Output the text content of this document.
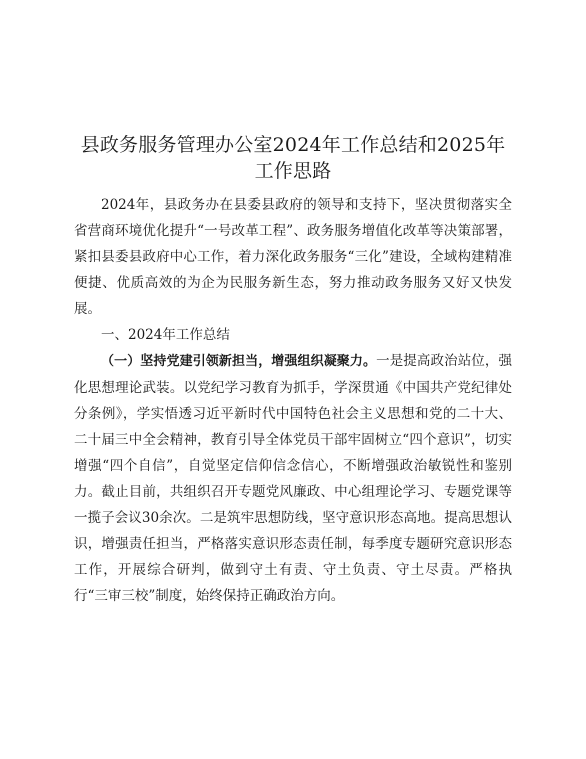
县政务服务管理办公室2024年工作总结和2025年工作思路

2024年，县政务办在县委县政府的领导和支持下，坚决贯彻落实全省营商环境优化提升“一号改革工程”、政务服务增值化改革等决策部署，紧扣县委县政府中心工作，着力深化政务服务“三化”建设，全域构建精准便捷、优质高效的为企为民服务新生态，努力推动政务服务又好又快发展。

一、2024年工作总结

（一）坚持党建引领新担当，增强组织凝聚力。一是提高政治站位，强化思想理论武装。以党纪学习教育为抓手，学深贯通《中国共产党纪律处分条例》，学实悟透习近平新时代中国特色社会主义思想和党的二十大、二十届三中全会精神，教育引导全体党员干部牢固树立“四个意识”，切实增强“四个自信”，自觉坚定信仰信念信心，不断增强政治敏锐性和鉴别力。截止目前，共组织召开专题党风廉政、中心组理论学习、专题党课等一揽子会议30余次。二是筑牢思想防线，坚守意识形态高地。提高思想认识，增强责任担当，严格落实意识形态责任制，每季度专题研究意识形态工作，开展综合研判，做到守土有责、守土负责、守土尽责。严格执行“三审三校”制度，始终保持正确政治方向。
